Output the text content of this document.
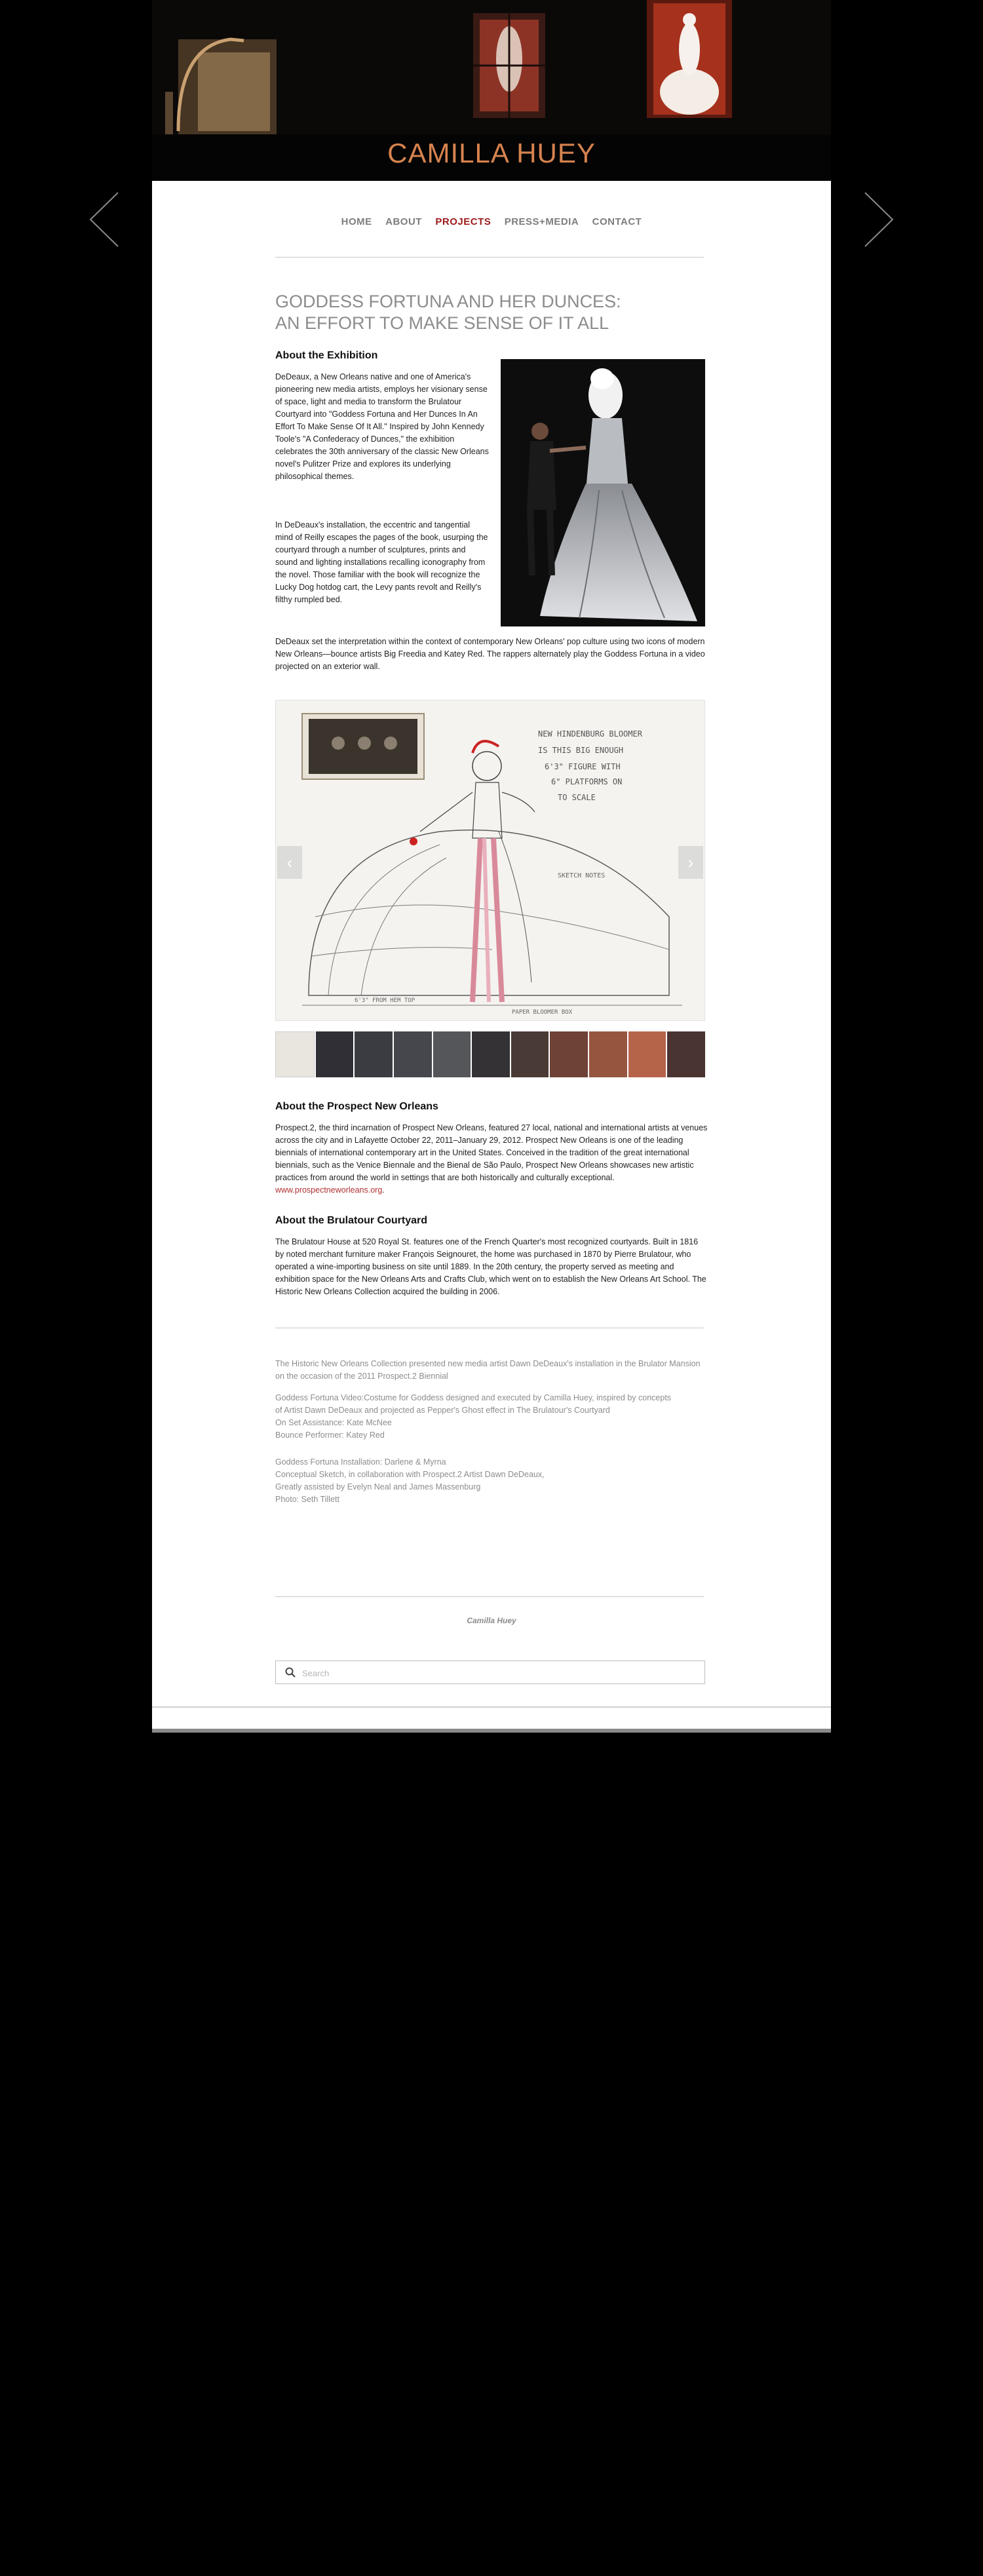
CAMILLA HUEY
HOME ABOUT PROJECTS PRESS+MEDIA CONTACT
GODDESS FORTUNA AND HER DUNCES:
AN EFFORT TO MAKE SENSE OF IT ALL
About the Exhibition
DeDeaux, a New Orleans native and one of America's pioneering new media artists, employs her visionary sense of space, light and media to transform the Brulatour Courtyard into "Goddess Fortuna and Her Dunces In An Effort To Make Sense Of It All." Inspired by John Kennedy Toole's "A Confederacy of Dunces," the exhibition celebrates the 30th anniversary of the classic New Orleans novel's Pulitzer Prize and explores its underlying philosophical themes.
In DeDeaux's installation, the eccentric and tangential mind of Reilly escapes the pages of the book, usurping the courtyard through a number of sculptures, prints and sound and lighting installations recalling iconography from the novel. Those familiar with the book will recognize the Lucky Dog hotdog cart, the Levy pants revolt and Reilly's filthy rumpled bed.
DeDeaux set the interpretation within the context of contemporary New Orleans' pop culture using two icons of modern New Orleans—bounce artists Big Freedia and Katey Red. The rappers alternately play the Goddess Fortuna in a video projected on an exterior wall.
NEW HINDENBURG BLOOMER
IS THIS BIG ENOUGH
6'3" FIGURE WITH
6" PLATFORMS ON
TO SCALE
SKETCH NOTES
6'3" FROM HEM TOP
PAPER BLOOMER BOX
‹	›
About the Prospect New Orleans
Prospect.2, the third incarnation of Prospect New Orleans, featured 27 local, national and international artists at venues across the city and in Lafayette October 22, 2011–January 29, 2012. Prospect New Orleans is one of the leading biennials of international contemporary art in the United States. Conceived in the tradition of the great international biennials, such as the Venice Biennale and the Bienal de São Paulo, Prospect New Orleans showcases new artistic practices from around the world in settings that are both historically and culturally exceptional. www.prospectneworleans.org.
About the Brulatour Courtyard
The Brulatour House at 520 Royal St. features one of the French Quarter's most recognized courtyards. Built in 1816 by noted merchant furniture maker François Seignouret, the home was purchased in 1870 by Pierre Brulatour, who operated a wine-importing business on site until 1889. In the 20th century, the property served as meeting and exhibition space for the New Orleans Arts and Crafts Club, which went on to establish the New Orleans Art School. The Historic New Orleans Collection acquired the building in 2006.
The Historic New Orleans Collection presented new media artist Dawn DeDeaux's installation in the Brulator Mansion on the occasion of the 2011 Prospect.2 Biennial
Goddess Fortuna Video:Costume for Goddess designed and executed by Camilla Huey, inspired by concepts
of Artist Dawn DeDeaux and projected as Pepper's Ghost effect in The Brulatour's Courtyard
On Set Assistance: Kate McNee
Bounce Performer: Katey Red
Goddess Fortuna Installation: Darlene & Myrna
Conceptual Sketch, in collaboration with Prospect.2 Artist Dawn DeDeaux,
Greatly assisted by Evelyn Neal and James Massenburg
Photo: Seth Tillett
Camilla Huey
Search
